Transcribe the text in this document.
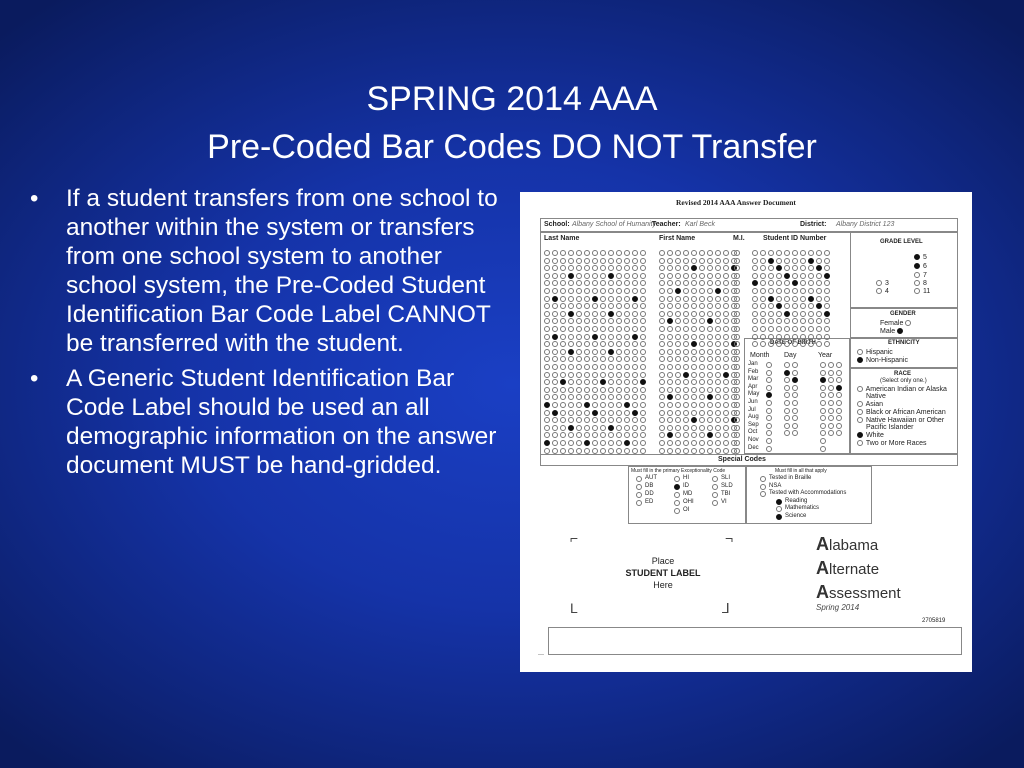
SPRING 2014 AAA
Pre-Coded Bar Codes DO NOT Transfer
• If a student transfers from one school to another within the system or transfers from one school system to another school system, the Pre-Coded Student Identification Bar Code Label CANNOT be transferred with the student.
• A Generic Student Identification Bar Code Label should be used an all demographic information on the answer document MUST be hand-gridded.
Revised 2014 AAA Answer Document
School: Albany School of Humanity
Teacher: Karl Beck	District: Albany District 123
Last Name	First Name	M.I.	Student ID Number	GRADE LEVEL
5
6
7
3	8
4	11
GENDER
Female
Male
ETHNICITY
Hispanic
Non-Hispanic
RACE
(Select only one.)
American Indian or Alaska
Native
Asian
Black or African American
Native Hawaiian or Other
Pacific Islander
White
Two or More Races
DATE OF BIRTH
Month Day	Year
Special Codes
Must fill in the primary Exceptionality Code	Must fill in all that apply
⌐	¬
L	⅃
Place
STUDENT LABEL
Here
Alabama
Alternate
Assessment
Spring 2014
2705819
—
Jan
Feb
Mar
Apr
May
Jun
Jul
Aug
Sep
Oct
Nov
Dec
AUT
DB
DD
ED
HI
ID
MD
OHI
OI
SLI
SLD
TBI
VI
Tested in Braille
NSA
Tested with Accommodations
Reading
Mathematics
Science
